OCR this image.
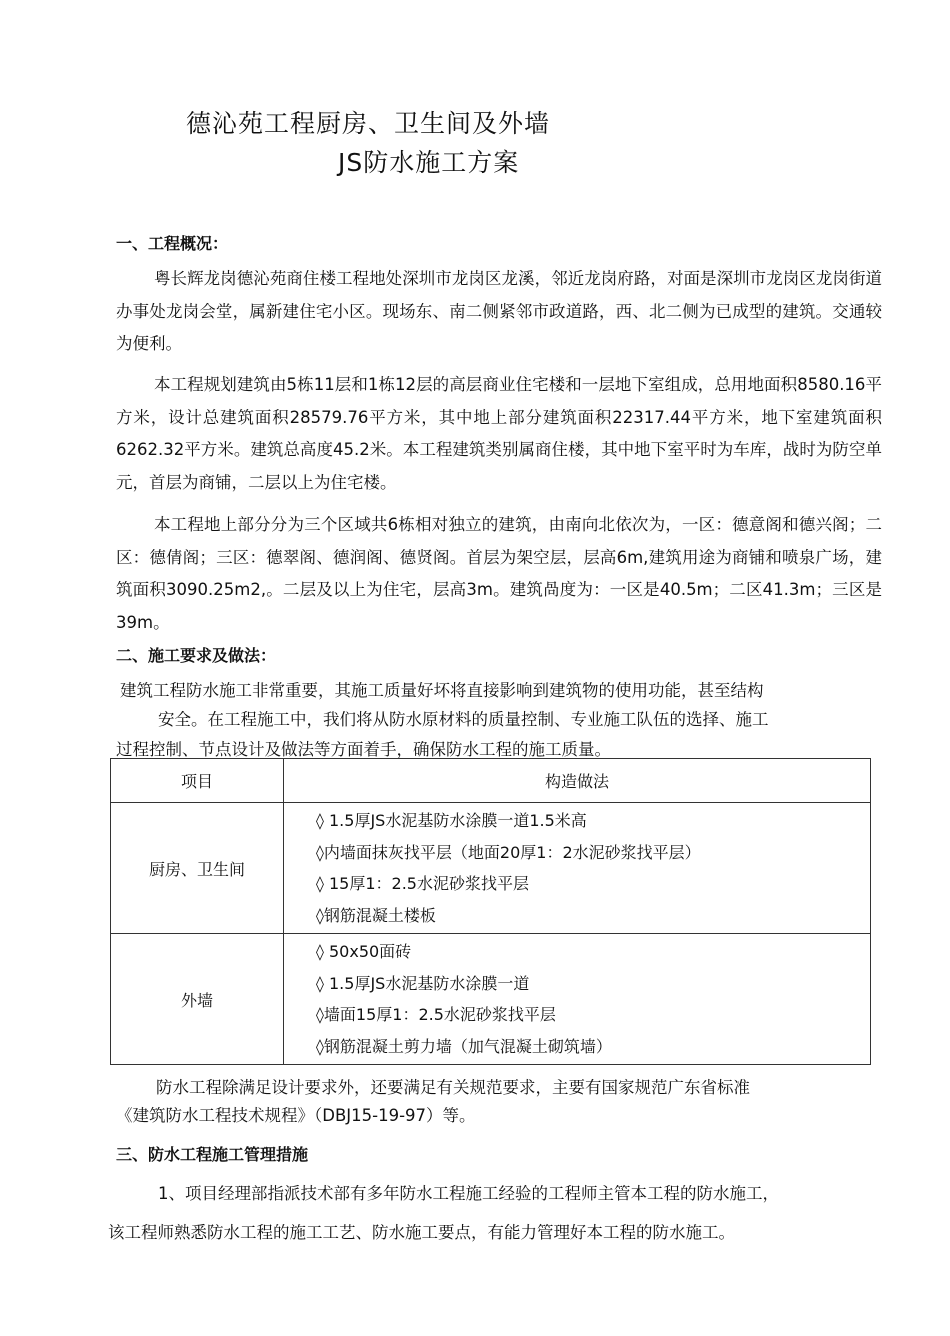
德沁苑工程厨房、卫生间及外墙
JS防水施工方案
一、工程概况：
粤长辉龙岗德沁苑商住楼工程地处深圳市龙岗区龙溪，邻近龙岗府路，对面是深圳市龙岗区龙岗街道办事处龙岗会堂，属新建住宅小区。现场东、南二侧紧邻市政道路，西、北二侧为已成型的建筑。交通较为便利。
本工程规划建筑由5栋11层和1栋12层的高层商业住宅楼和一层地下室组成，总用地面积8580.16平方米，设计总建筑面积28579.76平方米，其中地上部分建筑面积22317.44平方米，地下室建筑面积6262.32平方米。建筑总高度45.2米。本工程建筑类别属商住楼，其中地下室平时为车库，战时为防空单元，首层为商铺，二层以上为住宅楼。
本工程地上部分分为三个区域共6栋相对独立的建筑，由南向北依次为，一区：德意阁和德兴阁；二区：德倩阁；三区：德翠阁、德润阁、德贤阁。首层为架空层，层高6m,建筑用途为商铺和喷泉广场，建筑面积3090.25m2,。二层及以上为住宅，层高3m。建筑咼度为：一区是40.5m；二区41.3m；三区是39m。
二、施工要求及做法：
建筑工程防水施工非常重要，其施工质量好坏将直接影响到建筑物的使用功能，甚至结构
安全。在工程施工中，我们将从防水原材料的质量控制、专业施工队伍的选择、施工
过程控制、节点设计及做法等方面着手，确保防水工程的施工质量。
项目	构造做法
厨房、卫生间	◊ 1.5厚JS水泥基防水涂膜一道1.5米高
◊内墙面抹灰找平层（地面20厚1：2水泥砂浆找平层）
◊ 15厚1：2.5水泥砂浆找平层
◊钢筋混凝土楼板

外墙	◊ 50x50面砖
◊ 1.5厚JS水泥基防水涂膜一道
◊墙面15厚1：2.5水泥砂浆找平层
◊钢筋混凝土剪力墙（加气混凝土砌筑墙）
防水工程除满足设计要求外，还要满足有关规范要求，主要有国家规范广东省标准
《建筑防水工程技术规程》（DBJ15-19-97）等。
三、防水工程施工管理措施
1、项目经理部指派技术部有多年防水工程施工经验的工程师主管本工程的防水施工，
该工程师熟悉防水工程的施工工艺、防水施工要点，有能力管理好本工程的防水施工。
